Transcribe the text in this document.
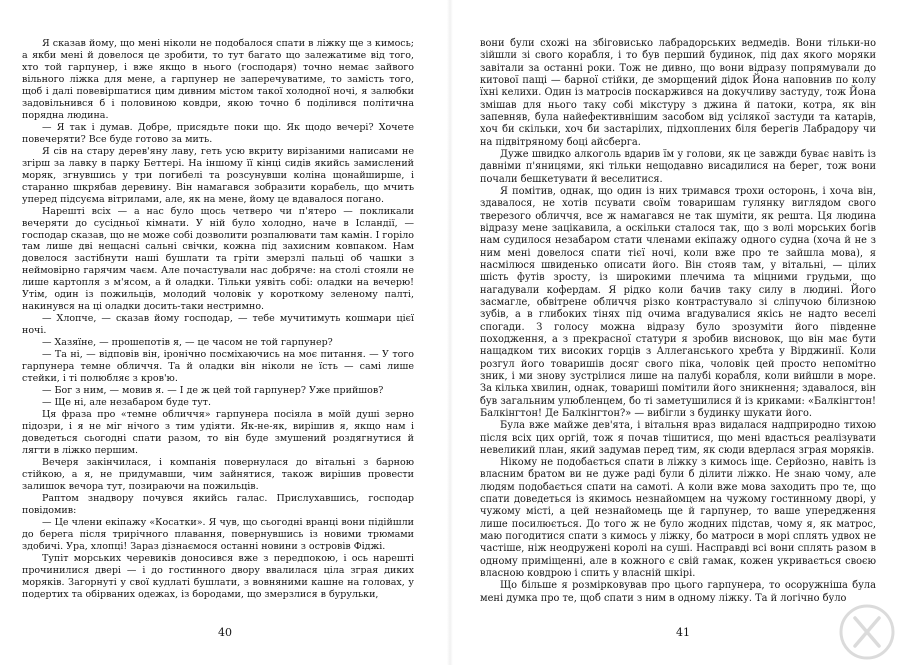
Я сказав йому, що мені ніколи не подобалося спати в ліжку ще з кимось; а якби мені й довелося це зробити, то тут багато що залежатиме від того, хто той гарпунер, і вже якщо в нього (господаря) точно немає зайвого вільного ліжка для мене, а гарпунер не заперечуватиме, то замість того, щоб і далі повевіршатися цим дивним містом такої холодної ночі, я залюбки задовільнився б і половиною ковдри, якою точно б поділився політична порядна людина.

— Я так і думав. Добре, присядьте поки що. Як щодо вечері? Хочете повечеряти? Все буде готово за мить.

Я сів на стару дерев'яну лаву, геть усю вкриту вирізаними написами не згірш за лавку в парку Беттері. На іншому її кінці сидів якийсь замислений моряк, згнувшись у три погибелі та розсунувши коліна щонайширше, і старанно шкрябав деревину. Він намагався зобразити корабель, що мчить уперед підсуєма вітрилами, але, як на мене, йому це вдавалося погано.

Нарешті всіх — а нас було щось четверо чи п'ятеро — покликали вечеряти до сусідньої кімнати. У ній було холодно, наче в Ісландії, — господар сказав, що не може собі дозволити розпалювати там камін. І горіло там лише дві нещасні сальні свічки, кожна під захисним ковпаком. Нам довелося застібнути наші бушлати та гріти змерзлі пальці об чашки з неймовірно гарячим чаєм. Але почастували нас добряче: на столі стояли не лише картопля з м'ясом, а й оладки. Тільки уявіть собі: оладки на вечерю! Утім, один із пожильців, молодий чоловік у короткому зеленому палті, накинувся на ці оладки досить-таки нестримно.

— Хлопче, — сказав йому господар, — тебе мучитимуть кошмари цієї ночі.

— Хазяїне, — прошепотів я, — це часом не той гарпунер?

— Та ні, — відповів він, іронічно посміхаючись на моє питання. — У того гарпунера темне обличчя. Та й оладки він ніколи не їсть — самі лише стейки, і ті полюбляє з кров'ю.

— Бог з ним, — мовив я. — І де ж цей той гарпунер? Уже прийшов?

— Ще ні, але незабаром буде тут.

Ця фраза про «темне обличчя» гарпунера посіяла в моїй душі зерно підозри, і я не міг нічого з тим удіяти. Як-не-як, вирішив я, якщо нам і доведеться сьогодні спати разом, то він буде змушений роздягнутися й лягти в ліжко першим.

Вечеря закінчилася, і компанія повернулася до вітальні з барною стійкою, а я, не придумавши, чим зайнятися, також вирішив провести залишок вечора тут, позираючи на пожильців.

Раптом знадвору почувся якийсь галас. Прислухавшись, господар повідомив:

— Це члени екіпажу «Косатки». Я чув, що сьогодні вранці вони підійшли до берега після трирічного плавання, повернувшись із новими трюмами здобичі. Ура, хлопці! Зараз дізнаємося останні новини з островів Фіджі.

Тупіт морських черевиків доносився вже з передпокою, і ось нарешті прочинилися двері — і до гостинного двору ввалилася ціла зграя диких моряків. Загорнуті у свої кудлаті бушлати, з вовняними кашне на головах, у подертих та обірваних одежах, із бородами, що змерзлися в бурульки,

вони були схожі на збіговисько лабрадорських ведмедів. Вони тільки-но зійшли зі свого корабля, і то був перший будинок, під дах якого моряки завітали за останні роки. Тож не дивно, що вони відразу попрямували до китової пащі — барної стійки, де зморщений дідок Йона наповнив по колу їхні келихи. Один із матросів поскаржився на докучливу застуду, тож Йона змішав для нього таку собі мікстуру з джина й патоки, котра, як він запевняв, була найефективнішим засобом від усілякої застуди та катарів, хоч би скільки, хоч би застарілих, підхоплених біля берегів Лабрадору чи на підвітряному боці айсберга.

Дуже швидко алкоголь вдарив їм у голови, як це завжди буває навіть із давніми п'яницями, які тільки нещодавно висадилися на берег, тож вони почали бешкетувати й веселитися.

Я помітив, однак, що один із них тримався трохи осторонь, і хоча він, здавалося, не хотів псувати своїм товаришам гулянку виглядом свого тверезого обличчя, все ж намагався не так шуміти, як решта. Ця людина відразу мене зацікавила, а оскільки сталося так, що з волі морських богів нам судилося незабаром стати членами екіпажу одного судна (хоча й не з ним мені довелося спати тієї ночі, коли вже про те зайшла мова), я насмілюся швиденько описати його. Він стояв там, у вітальні, — цілих шість футів зросту, із широкими плечима та міцними грудьми, що нагадували кофердам. Я рідко коли бачив таку силу в людині. Його засмагле, обвітрене обличчя різко контрастувало зі сліпучою білизною зубів, а в глибоких тінях під очима вгадувалися якісь не надто веселі спогади. З голосу можна відразу було зрозуміти його південне походження, а з прекрасної статури я зробив висновок, що він має бути нащадком тих високих горців з Аллеганського хребта у Вірджинії. Коли розгул його товаришів досяг свого піка, чоловік цей просто непомітно зник, і ми знову зустрілися лише на палубі корабля, коли вийшли в море. За кілька хвилин, однак, товариші помітили його зникнення; здавалося, він був загальним улюбленцем, бо ті заметушилися й із криками: «Балкінгтон! Балкінгтон! Де Балкінгтон?» — вибігли з будинку шукати його.

Була вже майже дев'ята, і вітальня враз видалася надприродно тихою після всіх цих оргій, тож я почав тішитися, що мені вдасться реалізувати невеликий план, який задумав перед тим, як сюди вдерлася зграя моряків.

Нікому не подобається спати в ліжку з кимось іще. Серйозно, навіть із власним братом ви не дуже раді були б ділити ліжко. Не знаю чому, але людям подобається спати на самоті. А коли вже мова заходить про те, що спати доведеться із якимось незнайомцем на чужому гостинному дворі, у чужому місті, а цей незнайомець ще й гарпунер, то ваше упередження лише посилюється. До того ж не було жодних підстав, чому я, як матрос, маю погодитися спати з кимось у ліжку, бо матроси в морі сплять удвох не частіше, ніж неодружені королі на суші. Насправді всі вони сплять разом в одному приміщенні, але в кожного є свій гамак, кожен укривається своєю власною ковдрою і спить у власній шкірі.

Що більше я розмірковував про цього гарпунера, то осоружніша була мені думка про те, щоб спати з ним в одному ліжку. Та й логічно було

40	41
